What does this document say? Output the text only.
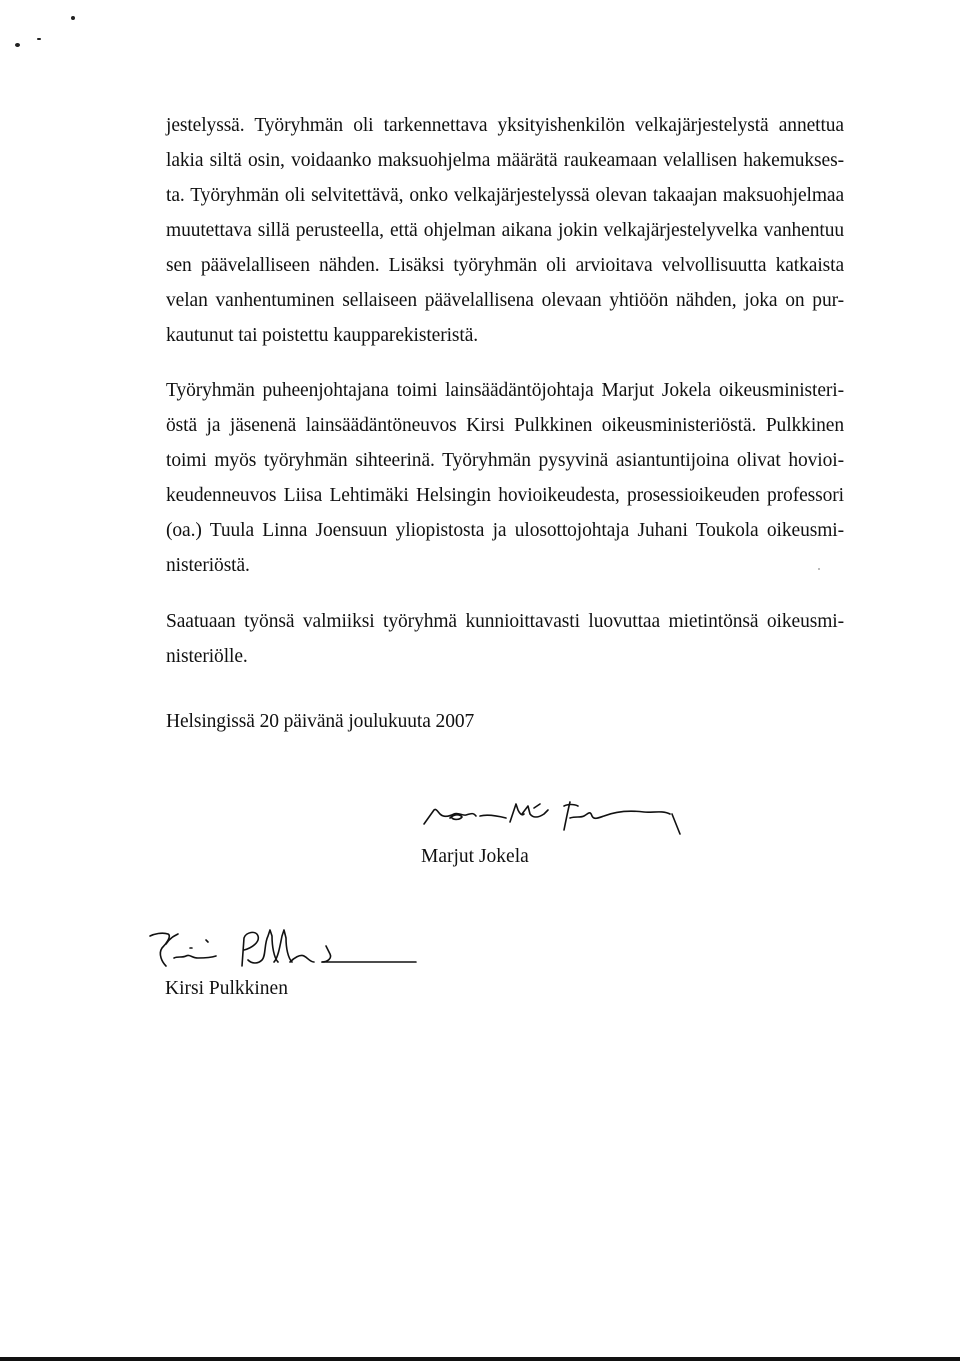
jestelyssä. Työryhmän oli tarkennettava yksityishenkilön velkajärjestelystä annettua
lakia siltä osin, voidaanko maksuohjelma määrätä raukeamaan velallisen hakemukses-
ta. Työryhmän oli selvitettävä, onko velkajärjestelyssä olevan takaajan maksuohjelmaa
muutettava sillä perusteella, että ohjelman aikana jokin velkajärjestelyvelka vanhentuu
sen päävelalliseen nähden. Lisäksi työryhmän oli arvioitava velvollisuutta katkaista
velan vanhentuminen sellaiseen päävelallisena olevaan yhtiöön nähden, joka on pur-
kautunut tai poistettu kaupparekisteristä.
Työryhmän puheenjohtajana toimi lainsäädäntöjohtaja Marjut Jokela oikeusministeri-
östä ja jäsenenä lainsäädäntöneuvos Kirsi Pulkkinen oikeusministeriöstä. Pulkkinen
toimi myös työryhmän sihteerinä. Työryhmän pysyvinä asiantuntijoina olivat hovioi-
keudenneuvos Liisa Lehtimäki Helsingin hovioikeudesta, prosessioikeuden professori
(oa.) Tuula Linna Joensuun yliopistosta ja ulosottojohtaja Juhani Toukola oikeusmi-
nisteriöstä.
Saatuaan työnsä valmiiksi työryhmä kunnioittavasti luovuttaa mietintönsä oikeusmi-
nisteriölle.
Helsingissä 20 päivänä joulukuuta 2007
Marjut Jokela
Kirsi Pulkkinen
